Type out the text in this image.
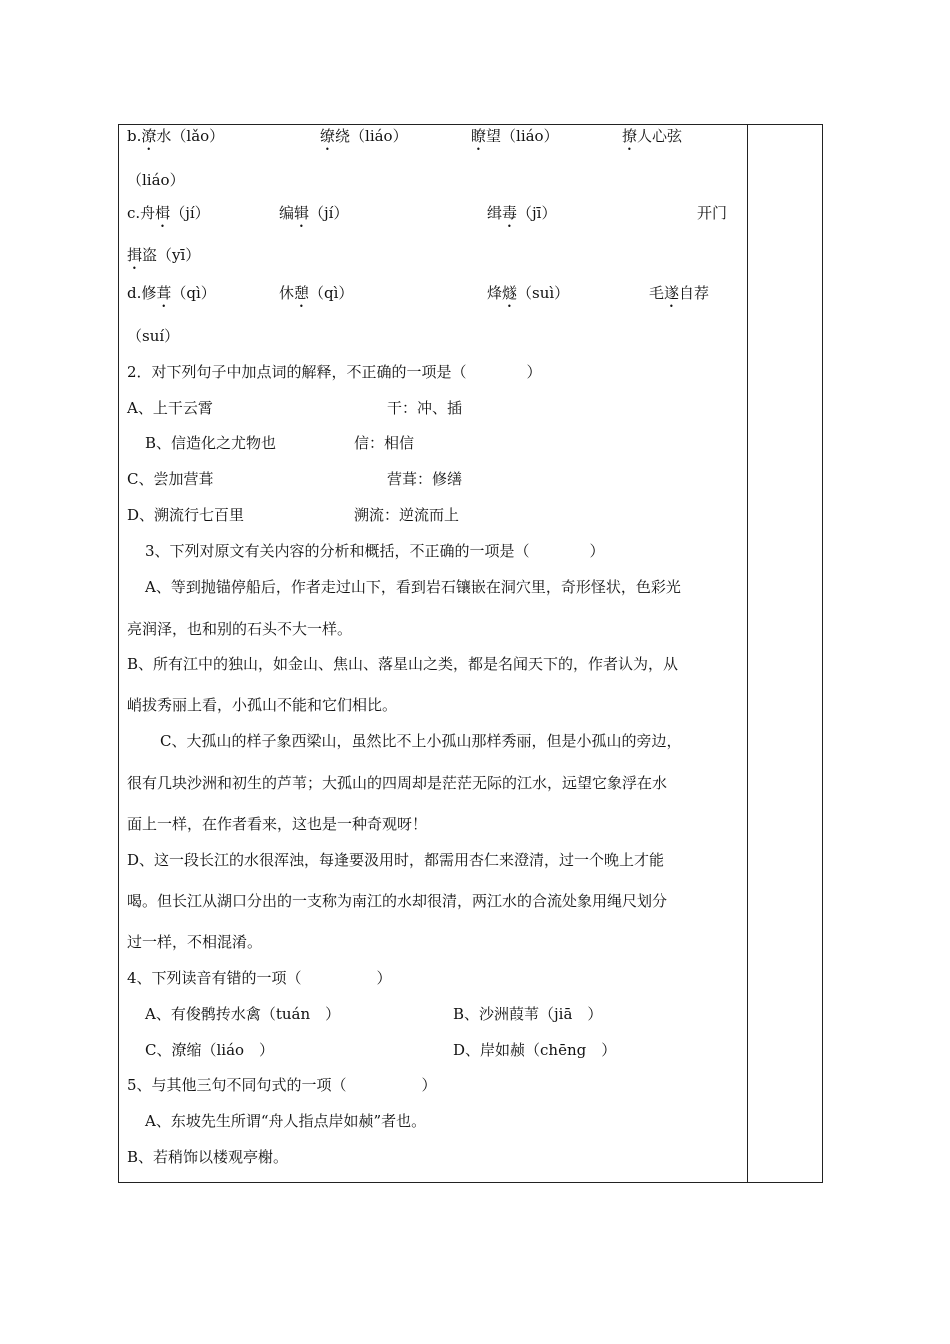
b.潦水（lǎo）	缭绕（liáo）	瞭望（liáo）	撩人心弦
（liáo）
c.舟楫（jí）	编辑（jí）	缉毒（jī）	开门
揖盗（yī）
d.修葺（qì）	休憩（qì）	烽燧（suì）	毛遂自荐
（suí）
2．对下列句子中加点词的解释，不正确的一项是（　　　　）
A、上干云霄	干：冲、插
B、信造化之尤物也	信：相信
C、尝加营葺	营葺：修缮
D、溯流行七百里	溯流：逆流而上
3、下列对原文有关内容的分析和概括，不正确的一项是（　　　　）
A、等到抛锚停船后，作者走过山下，看到岩石镶嵌在洞穴里，奇形怪状，色彩光
亮润泽，也和别的石头不大一样。
B、所有江中的独山，如金山、焦山、落星山之类，都是名闻天下的，作者认为，从
峭拔秀丽上看，小孤山不能和它们相比。
C、大孤山的样子象西梁山，虽然比不上小孤山那样秀丽，但是小孤山的旁边，
很有几块沙洲和初生的芦苇；大孤山的四周却是茫茫无际的江水，远望它象浮在水
面上一样，在作者看来，这也是一种奇观呀！
D、这一段长江的水很浑浊，每逢要汲用时，都需用杏仁来澄清，过一个晚上才能
喝。但长江从湖口分出的一支称为南江的水却很清，两江水的合流处象用绳尺划分
过一样，不相混淆。
4、下列读音有错的一项（　　　　　）
A、有俊鹘抟水禽（tuán　）	B、沙洲葭苇（jiā　）
C、潦缩（liáo　）	D、岸如赪（chēng　）
5、与其他三句不同句式的一项（　　　　　）
A、东坡先生所谓“舟人指点岸如赪”者也。
B、若稍饰以楼观亭榭。
